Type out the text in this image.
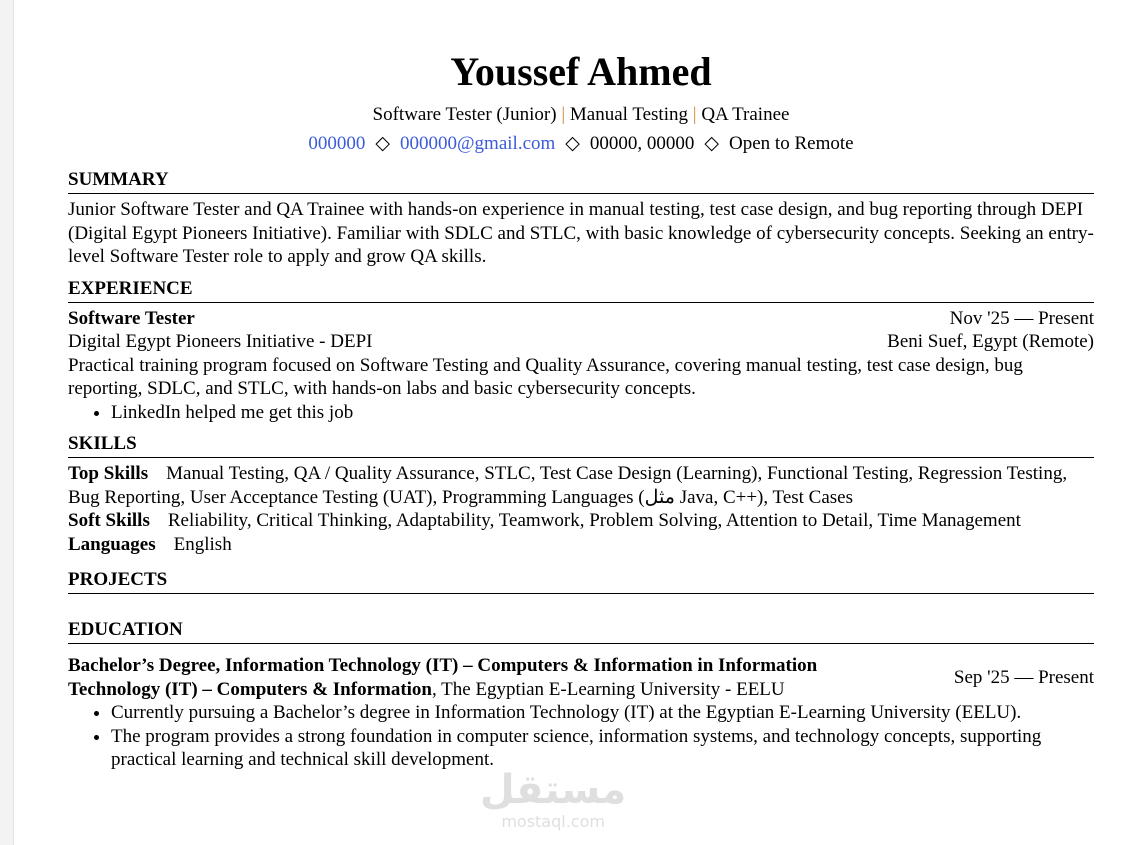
Youssef Ahmed
Software Tester (Junior) | Manual Testing | QA Trainee
000000 ◇ 000000@gmail.com ◇ 00000, 00000 ◇ Open to Remote
SUMMARY

Junior Software Tester and QA Trainee with hands-on experience in manual testing, test case design, and bug reporting through DEPI (Digital Egypt Pioneers Initiative). Familiar with SDLC and STLC, with basic knowledge of cybersecurity concepts. Seeking an entry-level Software Tester role to apply and grow QA skills.

EXPERIENCE
Software Tester	Nov '25 — Present
Digital Egypt Pioneers Initiative - DEPI	Beni Suef, Egypt (Remote)

Practical training program focused on Software Testing and Quality Assurance, covering manual testing, test case design, bug reporting, SDLC, and STLC, with hands-on labs and basic cybersecurity concepts.

• LinkedIn helped me get this job
SKILLS
Top Skills Manual Testing, QA / Quality Assurance, STLC, Test Case Design (Learning), Functional Testing, Regression Testing, Bug Reporting, User Acceptance Testing (UAT), Programming Languages (مثل Java, C++), Test Cases
Soft Skills Reliability, Critical Thinking, Adaptability, Teamwork, Problem Solving, Attention to Detail, Time Management
Languages English
PROJECTS
EDUCATION
Bachelor’s Degree, Information Technology (IT) – Computers & Information in Information Technology (IT) – Computers & Information, The Egyptian E-Learning University - EELU
Sep '25 — Present
• Currently pursuing a Bachelor’s degree in Information Technology (IT) at the Egyptian E-Learning University (EELU).
• The program provides a strong foundation in computer science, information systems, and technology concepts, supporting practical learning and technical skill development.
مستقل
mostaql.com
